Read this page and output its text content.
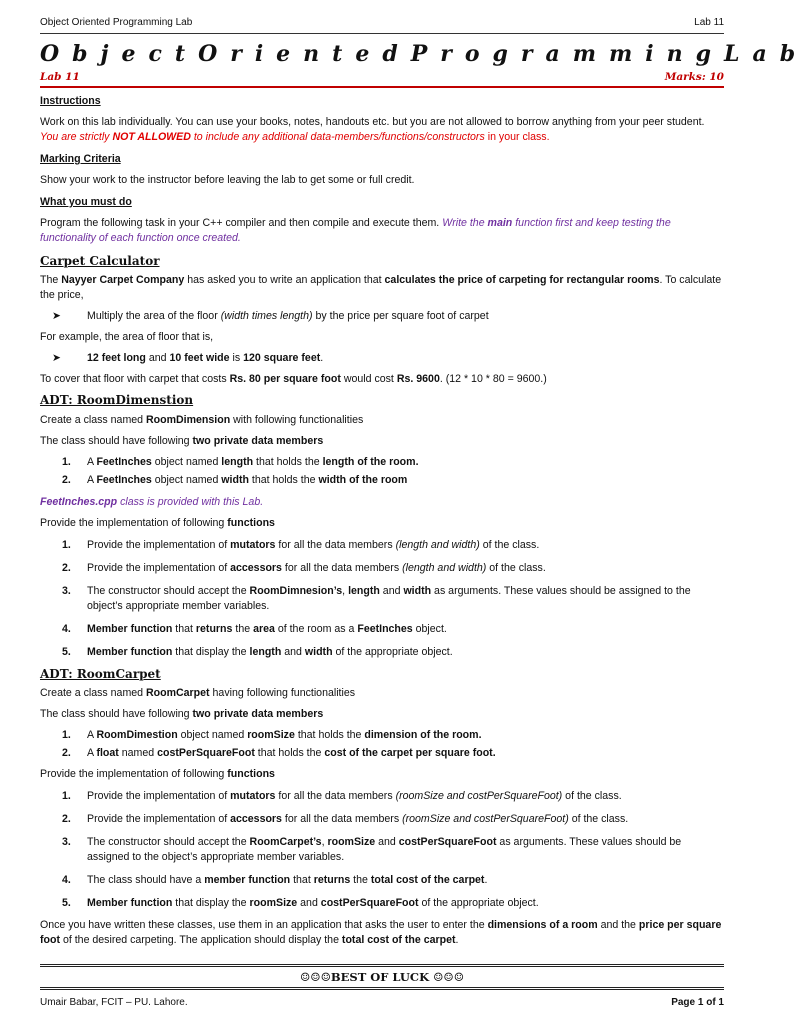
Object Oriented Programming Lab	Lab 11
Object Oriented Programming Lab
Lab 11	Marks: 10

Instructions

Work on this lab individually. You can use your books, notes, handouts etc. but you are not allowed to borrow anything from your peer student. You are strictly NOT ALLOWED to include any additional data-members/functions/constructors in your class.

Marking Criteria

Show your work to the instructor before leaving the lab to get some or full credit.

What you must do

Program the following task in your C++ compiler and then compile and execute them. Write the main function first and keep testing the functionality of each function once created.

Carpet Calculator

The Nayyer Carpet Company has asked you to write an application that calculates the price of carpeting for rectangular rooms. To calculate the price,

➤ Multiply the area of the floor (width times length) by the price per square foot of carpet

For example, the area of floor that is,

➤ 12 feet long and 10 feet wide is 120 square feet.

To cover that floor with carpet that costs Rs. 80 per square foot would cost Rs. 9600. (12 * 10 * 80 = 9600.)

ADT: RoomDimenstion

Create a class named RoomDimension with following functionalities

The class should have following two private data members

1. A FeetInches object named length that holds the length of the room.

2. A FeetInches object named width that holds the width of the room

FeetInches.cpp class is provided with this Lab.

Provide the implementation of following functions

1. Provide the implementation of mutators for all the data members (length and width) of the class.

2. Provide the implementation of accessors for all the data members (length and width) of the class.

3. The constructor should accept the RoomDimnesion’s, length and width as arguments. These values should be assigned to the object’s appropriate member variables.

4. Member function that returns the area of the room as a FeetInches object.

5. Member function that display the length and width of the appropriate object.

ADT: RoomCarpet

Create a class named RoomCarpet having following functionalities

The class should have following two private data members

1. A RoomDimestion object named roomSize that holds the dimension of the room.

2. A float named costPerSquareFoot that holds the cost of the carpet per square foot.

Provide the implementation of following functions

1. Provide the implementation of mutators for all the data members (roomSize and costPerSquareFoot) of the class.

2. Provide the implementation of accessors for all the data members (roomSize and costPerSquareFoot) of the class.

3. The constructor should accept the RoomCarpet’s, roomSize and costPerSquareFoot as arguments. These values should be assigned to the object’s appropriate member variables.

4. The class should have a member function that returns the total cost of the carpet.

5. Member function that display the roomSize and costPerSquareFoot of the appropriate object.

Once you have written these classes, use them in an application that asks the user to enter the dimensions of a room and the price per square foot of the desired carpeting. The application should display the total cost of the carpet.

☺☺☺BEST OF LUCK ☺☺☺
Umair Babar, FCIT – PU. Lahore.	Page 1 of 1
